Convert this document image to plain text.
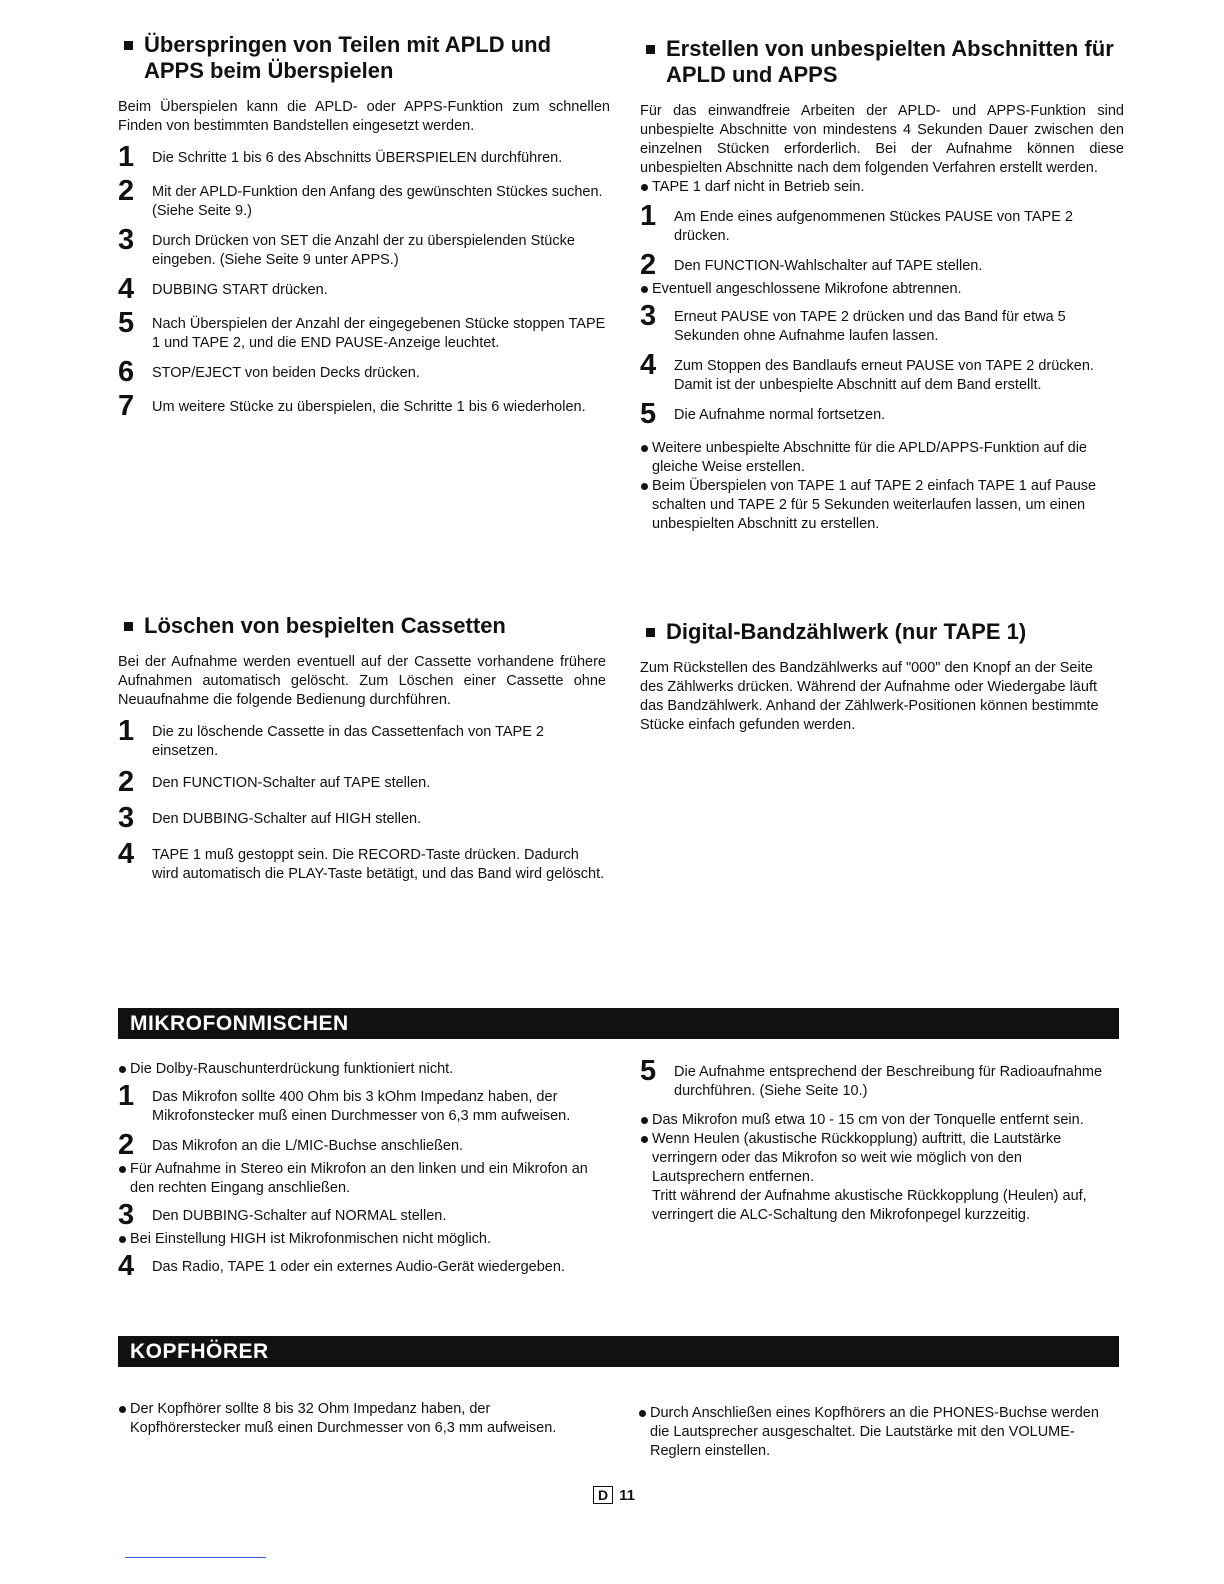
Überspringen von Teilen mit APLD und APPS beim Überspielen
Beim Überspielen kann die APLD- oder APPS-Funktion zum schnellen Finden von bestimmten Bandstellen eingesetzt werden.
1	Die Schritte 1 bis 6 des Abschnitts ÜBERSPIELEN durchführen.
2	Mit der APLD-Funktion den Anfang des gewünschten Stückes suchen. (Siehe Seite 9.)
3	Durch Drücken von SET die Anzahl der zu überspielenden Stücke eingeben. (Siehe Seite 9 unter APPS.)
4	DUBBING START drücken.
5	Nach Überspielen der Anzahl der eingegebenen Stücke stoppen TAPE 1 und TAPE 2, und die END PAUSE-Anzeige leuchtet.
6	STOP/EJECT von beiden Decks drücken.
7	Um weitere Stücke zu überspielen, die Schritte 1 bis 6 wiederholen.
Löschen von bespielten Cassetten
Bei der Aufnahme werden eventuell auf der Cassette vorhandene frühere Aufnahmen automatisch gelöscht. Zum Löschen einer Cassette ohne Neuaufnahme die folgende Bedienung durchführen.
1	Die zu löschende Cassette in das Cassettenfach von TAPE 2 einsetzen.
2	Den FUNCTION-Schalter auf TAPE stellen.
3	Den DUBBING-Schalter auf HIGH stellen.
4	TAPE 1 muß gestoppt sein. Die RECORD-Taste drücken. Dadurch wird automatisch die PLAY-Taste betätigt, und das Band wird gelöscht.
Erstellen von unbespielten Abschnitten für APLD und APPS
Für das einwandfreie Arbeiten der APLD- und APPS-Funktion sind unbespielte Abschnitte von mindestens 4 Sekunden Dauer zwischen den einzelnen Stücken erforderlich. Bei der Aufnahme können diese unbespielten Abschnitte nach dem folgenden Verfahren erstellt werden.
TAPE 1 darf nicht in Betrieb sein.
1	Am Ende eines aufgenommenen Stückes PAUSE von TAPE 2 drücken.
2	Den FUNCTION-Wahlschalter auf TAPE stellen.
Eventuell angeschlossene Mikrofone abtrennen.
3	Erneut PAUSE von TAPE 2 drücken und das Band für etwa 5 Sekunden ohne Aufnahme laufen lassen.
4	Zum Stoppen des Bandlaufs erneut PAUSE von TAPE 2 drücken. Damit ist der unbespielte Abschnitt auf dem Band erstellt.
5	Die Aufnahme normal fortsetzen.
Weitere unbespielte Abschnitte für die APLD/APPS-Funktion auf die gleiche Weise erstellen.
Beim Überspielen von TAPE 1 auf TAPE 2 einfach TAPE 1 auf Pause schalten und TAPE 2 für 5 Sekunden weiterlaufen lassen, um einen unbespielten Abschnitt zu erstellen.
Digital-Bandzählwerk (nur TAPE 1)
Zum Rückstellen des Bandzählwerks auf "000" den Knopf an der Seite des Zählwerks drücken. Während der Aufnahme oder Wiedergabe läuft das Bandzählwerk. Anhand der Zählwerk-Positionen können bestimmte Stücke einfach gefunden werden.
MIKROFONMISCHEN
Die Dolby-Rauschunterdrückung funktioniert nicht.
1	Das Mikrofon sollte 400 Ohm bis 3 kOhm Impedanz haben, der Mikrofonstecker muß einen Durchmesser von 6,3 mm aufweisen.
2	Das Mikrofon an die L/MIC-Buchse anschließen.
Für Aufnahme in Stereo ein Mikrofon an den linken und ein Mikrofon an den rechten Eingang anschließen.
3	Den DUBBING-Schalter auf NORMAL stellen.
Bei Einstellung HIGH ist Mikrofonmischen nicht möglich.
4	Das Radio, TAPE 1 oder ein externes Audio-Gerät wiedergeben.
5	Die Aufnahme entsprechend der Beschreibung für Radioaufnahme durchführen. (Siehe Seite 10.)
Das Mikrofon muß etwa 10 - 15 cm von der Tonquelle entfernt sein.
Wenn Heulen (akustische Rückkopplung) auftritt, die Lautstärke verringern oder das Mikrofon so weit wie möglich von den Lautsprechern entfernen.
Tritt während der Aufnahme akustische Rückkopplung (Heulen) auf, verringert die ALC-Schaltung den Mikrofonpegel kurzzeitig.
KOPFHÖRER
Der Kopfhörer sollte 8 bis 32 Ohm Impedanz haben, der Kopfhörerstecker muß einen Durchmesser von 6,3 mm aufweisen.
Durch Anschließen eines Kopfhörers an die PHONES-Buchse werden die Lautsprecher ausgeschaltet. Die Lautstärke mit den VOLUME-Reglern einstellen.
D 11
